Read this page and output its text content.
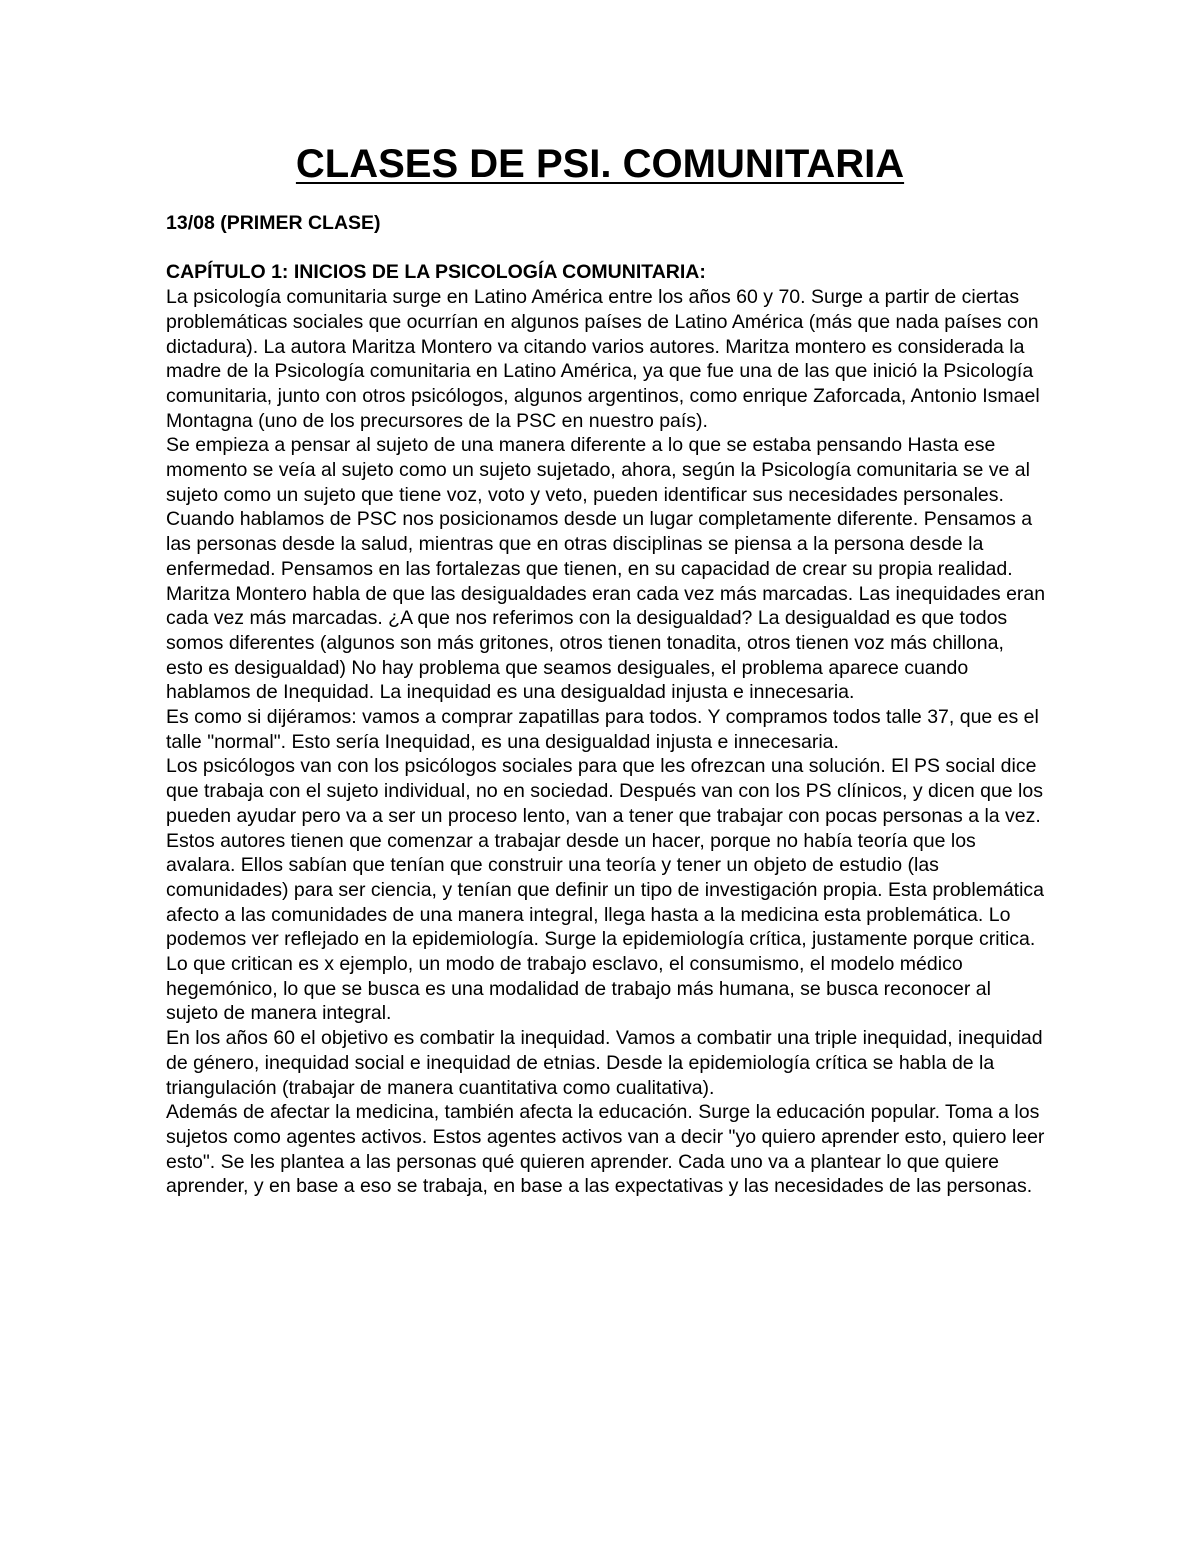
CLASES DE PSI. COMUNITARIA

13/08 (PRIMER CLASE)

CAPÍTULO 1: INICIOS DE LA PSICOLOGÍA COMUNITARIA:

La psicología comunitaria surge en Latino América entre los años 60 y 70. Surge a partir de ciertas problemáticas sociales que ocurrían en algunos países de Latino América (más que nada países con dictadura). La autora Maritza Montero va citando varios autores. Maritza montero es considerada la madre de la Psicología comunitaria en Latino América, ya que fue una de las que inició la Psicología comunitaria, junto con otros psicólogos, algunos argentinos, como enrique Zaforcada, Antonio Ismael Montagna (uno de los precursores de la PSC en nuestro país).

Se empieza a pensar al sujeto de una manera diferente a lo que se estaba pensando Hasta ese momento se veía al sujeto como un sujeto sujetado, ahora, según la Psicología comunitaria se ve al sujeto como un sujeto que tiene voz, voto y veto, pueden identificar sus necesidades personales. Cuando hablamos de PSC nos posicionamos desde un lugar completamente diferente. Pensamos a las personas desde la salud, mientras que en otras disciplinas se piensa a la persona desde la enfermedad. Pensamos en las fortalezas que tienen, en su capacidad de crear su propia realidad.

Maritza Montero habla de que las desigualdades eran cada vez más marcadas. Las inequidades eran cada vez más marcadas. ¿A que nos referimos con la desigualdad? La desigualdad es que todos somos diferentes (algunos son más gritones, otros tienen tonadita, otros tienen voz más chillona, esto es desigualdad) No hay problema que seamos desiguales, el problema aparece cuando hablamos de Inequidad. La inequidad es una desigualdad injusta e innecesaria.

Es como si dijéramos: vamos a comprar zapatillas para todos. Y compramos todos talle 37, que es el talle "normal". Esto sería Inequidad, es una desigualdad injusta e innecesaria.

Los psicólogos van con los psicólogos sociales para que les ofrezcan una solución. El PS social dice que trabaja con el sujeto individual, no en sociedad. Después van con los PS clínicos, y dicen que los pueden ayudar pero va a ser un proceso lento, van a tener que trabajar con pocas personas a la vez. Estos autores tienen que comenzar a trabajar desde un hacer, porque no había teoría que los avalara. Ellos sabían que tenían que construir una teoría y tener un objeto de estudio (las comunidades) para ser ciencia, y tenían que definir un tipo de investigación propia. Esta problemática afecto a las comunidades de una manera integral, llega hasta a la medicina esta problemática. Lo podemos ver reflejado en la epidemiología. Surge la epidemiología crítica, justamente porque critica. Lo que critican es x ejemplo, un modo de trabajo esclavo, el consumismo, el modelo médico hegemónico, lo que se busca es una modalidad de trabajo más humana, se busca reconocer al sujeto de manera integral.

En los años 60 el objetivo es combatir la inequidad. Vamos a combatir una triple inequidad, inequidad de género, inequidad social e inequidad de etnias. Desde la epidemiología crítica se habla de la triangulación (trabajar de manera cuantitativa como cualitativa).

Además de afectar la medicina, también afecta la educación. Surge la educación popular. Toma a los sujetos como agentes activos. Estos agentes activos van a decir "yo quiero aprender esto, quiero leer esto". Se les plantea a las personas qué quieren aprender. Cada uno va a plantear lo que quiere aprender, y en base a eso se trabaja, en base a las expectativas y las necesidades de las personas.
